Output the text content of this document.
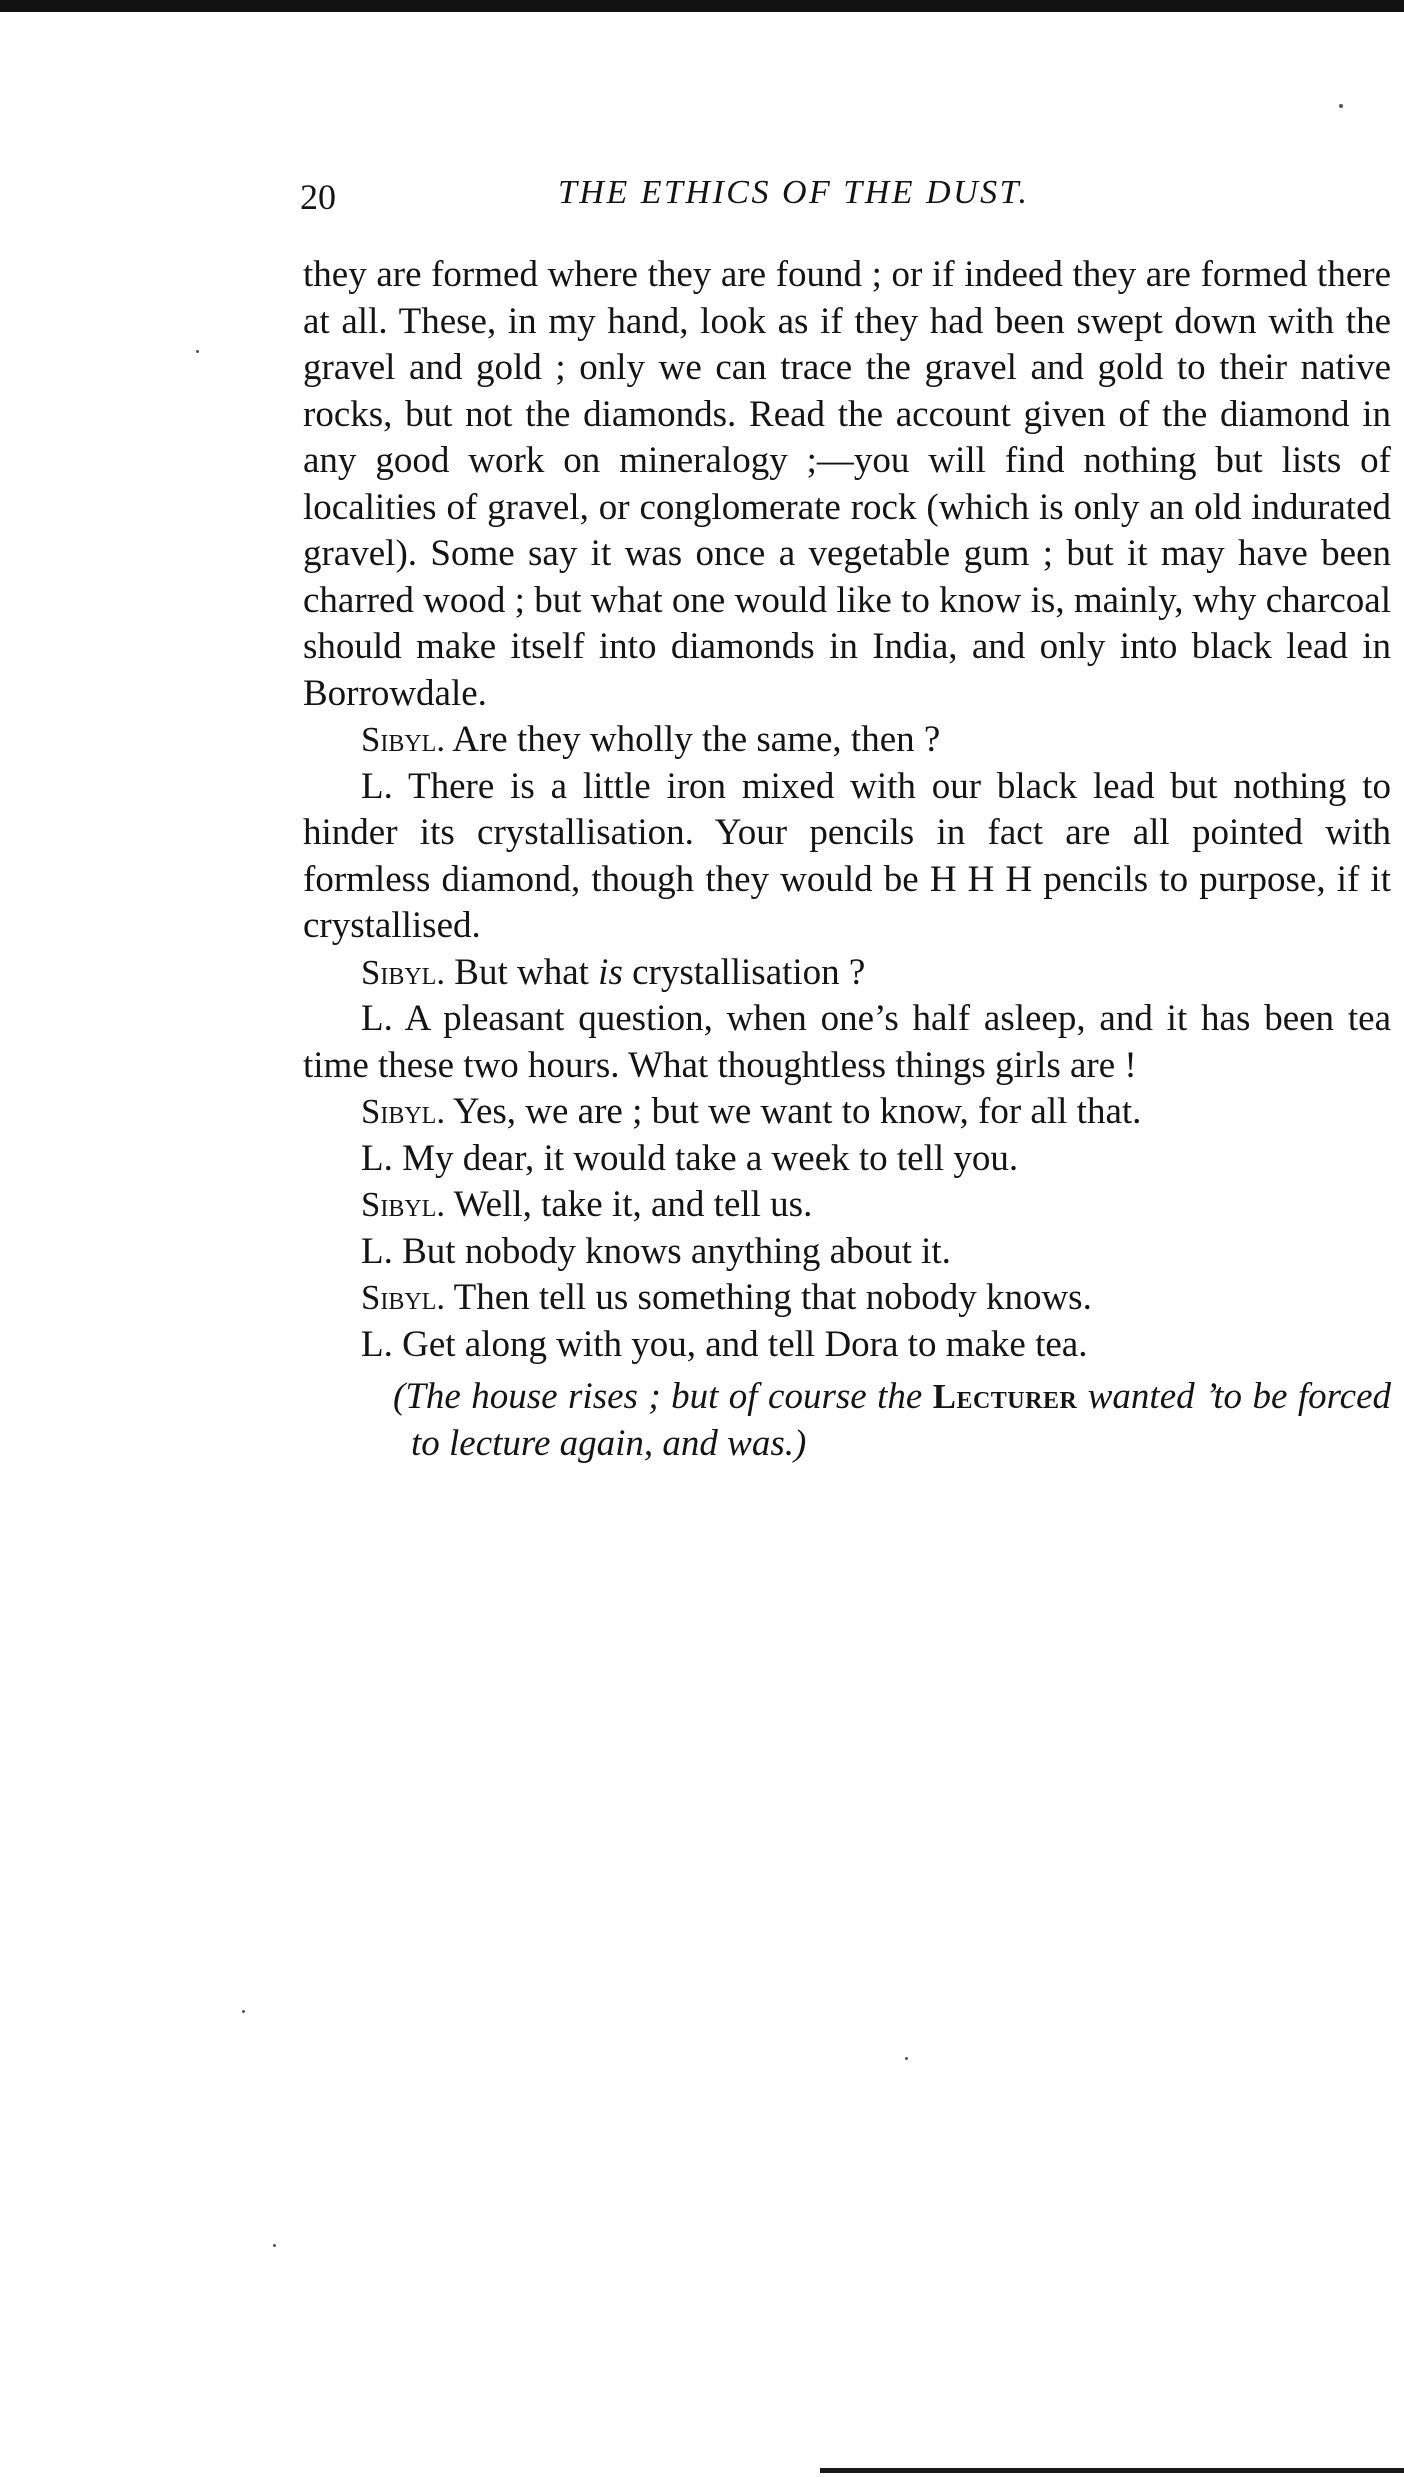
20	THE ETHICS OF THE DUST.

they are formed where they are found ; or if indeed they are formed there at all. These, in my hand, look as if they had been swept down with the gravel and gold ; only we can trace the gravel and gold to their native rocks, but not the diamonds. Read the account given of the diamond in any good work on mineralogy ;—you will find nothing but lists of localities of gravel, or conglomerate rock (which is only an old indurated gravel). Some say it was once a vegetable gum ; but it may have been charred wood ; but what one would like to know is, mainly, why charcoal should make itself into diamonds in India, and only into black lead in Borrowdale.

Sibyl. Are they wholly the same, then ?

L. There is a little iron mixed with our black lead but nothing to hinder its crystallisation. Your pencils in fact are all pointed with formless diamond, though they would be H H H pencils to purpose, if it crystallised.

Sibyl. But what is crystallisation ?

L. A pleasant question, when one’s half asleep, and it has been tea time these two hours. What thoughtless things girls are !

Sibyl. Yes, we are ; but we want to know, for all that.

L. My dear, it would take a week to tell you.

Sibyl. Well, take it, and tell us.

L. But nobody knows anything about it.

Sibyl. Then tell us something that nobody knows.

L. Get along with you, and tell Dora to make tea.

(The house rises ; but of course the Lecturer wanted ’to be forced to lecture again, and was.)
